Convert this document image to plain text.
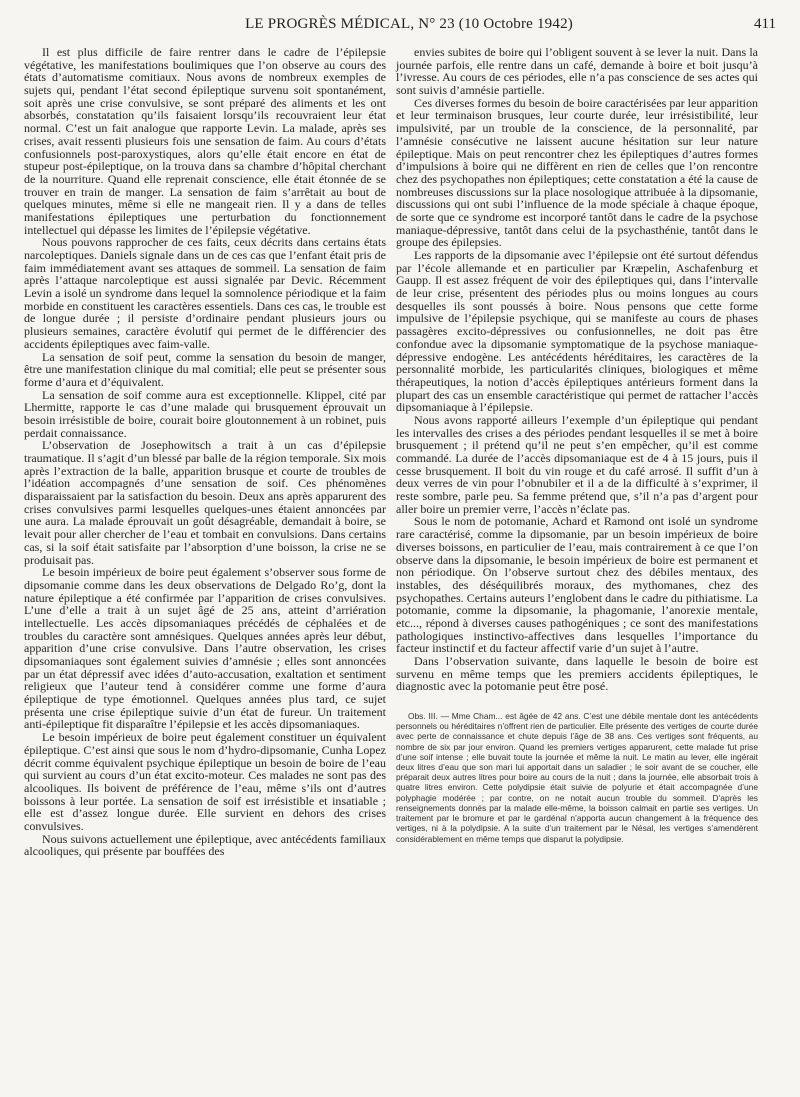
LE PROGRÈS MÉDICAL, N° 23 (10 Octobre 1942)	411

Il est plus difficile de faire rentrer dans le cadre de l’épilepsie végétative, les manifestations boulimiques que l’on observe au cours des états d’automatisme comitiaux. Nous avons de nombreux exemples de sujets qui, pendant l’état second épileptique survenu soit spontanément, soit après une crise convulsive, se sont préparé des aliments et les ont absorbés, constatation qu’ils faisaient lorsqu’ils recouvraient leur état normal. C’est un fait analogue que rapporte Levin. La malade, après ses crises, avait ressenti plusieurs fois une sensation de faim. Au cours d’états confusionnels post-paroxystiques, alors qu’elle était encore en état de stupeur post-épileptique, on la trouva dans sa chambre d’hôpital cherchant de la nourriture. Quand elle reprenait conscience, elle était étonnée de se trouver en train de manger. La sensation de faim s’arrêtait au bout de quelques minutes, même si elle ne mangeait rien. Il y a dans de telles manifestations épileptiques une perturbation du fonctionnement intellectuel qui dépasse les limites de l’épilepsie végétative.

Nous pouvons rapprocher de ces faits, ceux décrits dans certains états narcoleptiques. Daniels signale dans un de ces cas que l’enfant était pris de faim immédiatement avant ses attaques de sommeil. La sensation de faim après l’attaque narcoleptique est aussi signalée par Devic. Récemment Levin a isolé un syndrome dans lequel la somnolence périodique et la faim morbide en constituent les caractères essentiels. Dans ces cas, le trouble est de longue durée ; il persiste d’ordinaire pendant plusieurs jours ou plusieurs semaines, caractère évolutif qui permet de le différencier des accidents épileptiques avec faim-valle.

La sensation de soif peut, comme la sensation du besoin de manger, être une manifestation clinique du mal comitial; elle peut se présenter sous forme d’aura et d’équivalent.

La sensation de soif comme aura est exceptionnelle. Klippel, cité par Lhermitte, rapporte le cas d’une malade qui brusquement éprouvait un besoin irrésistible de boire, courait boire gloutonnement à un robinet, puis perdait connaissance.

L’observation de Josephowitsch a trait à un cas d’épilepsie traumatique. Il s’agit d’un blessé par balle de la région temporale. Six mois après l’extraction de la balle, apparition brusque et courte de troubles de l’idéation accompagnés d’une sensation de soif. Ces phénomènes disparaissaient par la satisfaction du besoin. Deux ans après apparurent des crises convulsives parmi lesquelles quelques-unes étaient annoncées par une aura. La malade éprouvait un goût désagréable, demandait à boire, se levait pour aller chercher de l’eau et tombait en convulsions. Dans certains cas, si la soif était satisfaite par l’absorption d’une boisson, la crise ne se produisait pas.

Le besoin impérieux de boire peut également s’observer sous forme de dipsomanie comme dans les deux observations de Delgado Rо’g, dont la nature épileptique a été confirmée par l’apparition de crises convulsives. L’une d’elle a trait à un sujet âgé de 25 ans, atteint d’arriération intellectuelle. Les accès dipsomaniaques précédés de céphalées et de troubles du caractère sont amnésiques. Quelques années après leur début, apparition d’une crise convulsive. Dans l’autre observation, les crises dipsomaniaques sont également suivies d’amnésie ; elles sont annoncées par un état dépressif avec idées d’auto-accusation, exaltation et sentiment religieux que l’auteur tend à considérer comme une forme d’aura épileptique de type émotionnel. Quelques années plus tard, ce sujet présenta une crise épileptique suivie d’un état de fureur. Un traitement anti-épileptique fit disparaître l’épilepsie et les accès dipsomaniaques.

Le besoin impérieux de boire peut également constituer un équivalent épileptique. C’est ainsi que sous le nom d’hydro-dipsomanie, Cunha Lopez décrit comme équivalent psychique épileptique un besoin de boire de l’eau qui survient au cours d’un état excito-moteur. Ces malades ne sont pas des alcooliques. Ils boivent de préférence de l’eau, même s’ils ont d’autres boissons à leur portée. La sensation de soif est irrésistible et insatiable ; elle est d’assez longue durée. Elle survient en dehors des crises convulsives.

Nous suivons actuellement une épileptique, avec antécédents familiaux alcooliques, qui présente par bouffées des

envies subites de boire qui l’obligent souvent à se lever la nuit. Dans la journée parfois, elle rentre dans un café, demande à boire et boit jusqu’à l’ivresse. Au cours de ces périodes, elle n’a pas conscience de ses actes qui sont suivis d’amnésie partielle.

Ces diverses formes du besoin de boire caractérisées par leur apparition et leur terminaison brusques, leur courte durée, leur irrésistibilité, leur impulsivité, par un trouble de la conscience, de la personnalité, par l’amnésie consécutive ne laissent aucune hésitation sur leur nature épileptique. Mais on peut rencontrer chez les épileptiques d’autres formes d’impulsions à boire qui ne diffèrent en rien de celles que l’on rencontre chez des psychopathes non épileptiques; cette constatation a été la cause de nombreuses discussions sur la place nosologique attribuée à la dipsomanie, discussions qui ont subi l’influence de la mode spéciale à chaque époque, de sorte que ce syndrome est incorporé tantôt dans le cadre de la psychose maniaque-dépressive, tantôt dans celui de la psychasthénie, tantôt dans le groupe des épilepsies.

Les rapports de la dipsomanie avec l’épilepsie ont été surtout défendus par l’école allemande et en particulier par Kræpelin, Aschafenburg et Gaupp. Il est assez fréquent de voir des épileptiques qui, dans l’intervalle de leur crise, présentent des périodes plus ou moins longues au cours desquelles ils sont poussés à boire. Nous pensons que cette forme impulsive de l’épilepsie psychique, qui se manifeste au cours de phases passagères excito-dépressives ou confusionnelles, ne doit pas être confondue avec la dipsomanie symptomatique de la psychose maniaque-dépressive endogène. Les antécédents héréditaires, les caractères de la personnalité morbide, les particularités cliniques, biologiques et même thérapeutiques, la notion d’accès épileptiques antérieurs forment dans la plupart des cas un ensemble caractéristique qui permet de rattacher l’accès dipsomaniaque à l’épilepsie.

Nous avons rapporté ailleurs l’exemple d’un épileptique qui pendant les intervalles des crises a des périodes pendant lesquelles il se met à boire brusquement ; il prétend qu’il ne peut s’en empêcher, qu’il est comme commandé. La durée de l’accès dipsomaniaque est de 4 à 15 jours, puis il cesse brusquement. Il boit du vin rouge et du café arrosé. Il suffit d’un à deux verres de vin pour l’obnubiler et il a de la difficulté à s’exprimer, il reste sombre, parle peu. Sa femme prétend que, s’il n’a pas d’argent pour aller boire un premier verre, l’accès n’éclate pas.

Sous le nom de potomanie, Achard et Ramond ont isolé un syndrome rare caractérisé, comme la dipsomanie, par un besoin impérieux de boire diverses boissons, en particulier de l’eau, mais contrairement à ce que l’on observe dans la dipsomanie, le besoin impérieux de boire est permanent et non périodique. On l’observe surtout chez des débiles mentaux, des instables, des déséquilibrés moraux, des mythomanes, chez des psychopathes. Certains auteurs l’englobent dans le cadre du pithiatisme. La potomanie, comme la dipsomanie, la phagomanie, l’anorexie mentale, etc..., répond à diverses causes pathogéniques ; ce sont des manifestations pathologiques instinctivo-affectives dans lesquelles l’importance du facteur instinctif et du facteur affectif varie d’un sujet à l’autre.

Dans l’observation suivante, dans laquelle le besoin de boire est survenu en même temps que les premiers accidents épileptiques, le diagnostic avec la potomanie peut être posé.

Obs. III. — Mme Cham... est âgée de 42 ans. C’est une débile mentale dont les antécédents personnels ou héréditaires n’offrent rien de particulier. Elle présente des vertiges de courte durée avec perte de connaissance et chute depuis l’âge de 38 ans. Ces vertiges sont fréquents, au nombre de six par jour environ. Quand les premiers vertiges apparurent, cette malade fut prise d’une soif intense ; elle buvait toute la journée et même la nuit. Le matin au lever, elle ingérait deux litres d’eau que son mari lui apportait dans un saladier ; le soir avant de se coucher, elle préparait deux autres litres pour boire au cours de la nuit ; dans la journée, elle absorbait trois à quatre litres environ. Cette polydipsie était suivie de polyurie et était accompagnée d’une polyphagie modérée ; par contre, on ne notait aucun trouble du sommeil. D’après les renseignements donnés par la malade elle-même, la boisson calmait en partie ses vertiges. Un traitement par le bromure et par le gardénal n’apporta aucun changement à la fréquence des vertiges, ni à la polydipsie. A la suite d’un traitement par le Nésal, les vertiges s’amendèrent considérablement en même temps que disparut la polydipsie.
